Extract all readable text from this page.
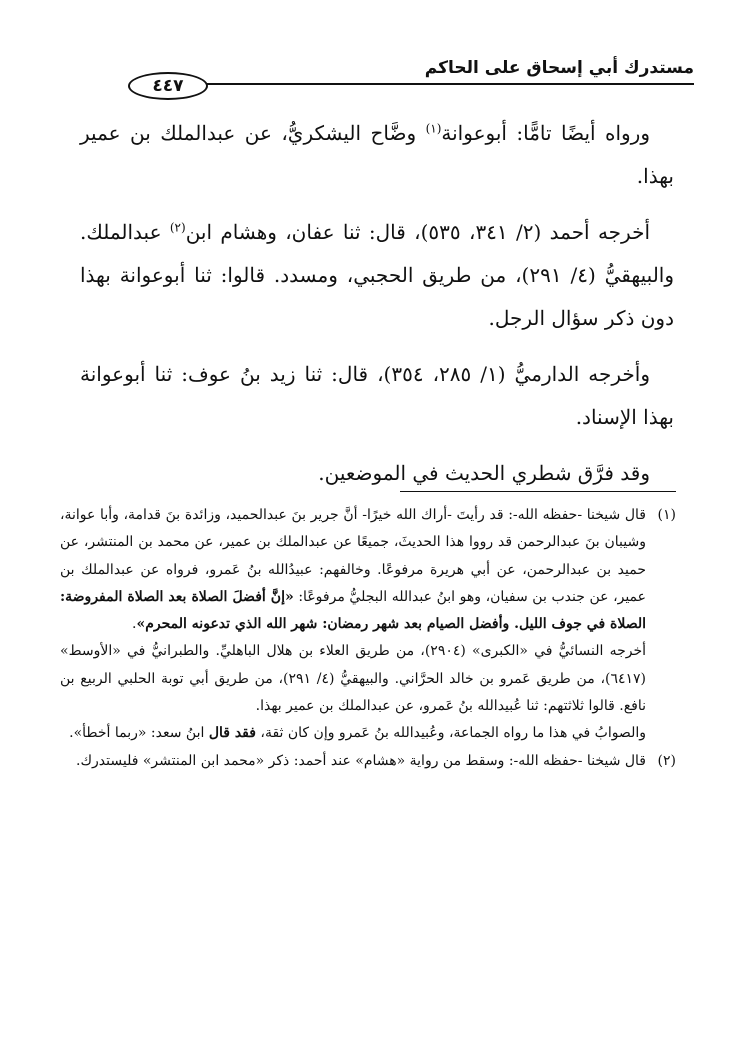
مستدرك أبي إسحاق على الحاكم
٤٤٧

ورواه أيضًا تامًّا: أبوعوانة$^{(١)}$ وضَّاح اليشكريُّ، عن عبدالملك بن عمير بهذا.

أخرجه أحمد (٢/ ٣٤١، ٥٣٥)، قال: ثنا عفان، وهشام ابن$^{(٢)}$ عبدالملك. والبيهقيُّ (٤/ ٢٩١)، من طريق الحجبي، ومسدد. قالوا: ثنا أبوعوانة بهذا دون ذكر سؤال الرجل.

وأخرجه الدارميُّ (١/ ٢٨٥، ٣٥٤)، قال: ثنا زيد بنُ عوف: ثنا أبوعوانة بهذا الإسناد.

وقد فرَّق شطري الحديث في الموضعين.

(١)

قال شيخنا -حفظه الله-: قد رأيتَ -أراك الله خيرًا- أنَّ جرير بنَ عبدالحميد، وزائدة بنَ قدامة، وأبا عوانة، وشيبان بنَ عبدالرحمن قد رووا هذا الحديثَ، جميعًا عن عبدالملك بن عمير، عن محمد بن المنتشر، عن حميد بن عبدالرحمن، عن أبي هريرة مرفوعًا. وخالفهم: عبيدُالله بنُ عَمرو، فرواه عن عبدالملك بن عمير، عن جندب بن سفيان، وهو ابنُ عبدالله البجليُّ مرفوعًا: «إنَّ أفضلَ الصلاة بعد الصلاة المفروضة: الصلاة في جوف الليل. وأفضل الصيام بعد شهر رمضان: شهر الله الذي تدعونه المحرم».

أخرجه النسائيُّ في «الكبرى» (٢٩٠٤)، من طريق العلاء بن هلال الباهليِّ. والطبرانيُّ في «الأوسط» (٦٤١٧)، من طريق عَمرو بن خالد الحرَّاني. والبيهقيُّ (٤/ ٢٩١)، من طريق أبي توبة الحلبي الربيع بن نافع. قالوا ثلاثتهم: ثنا عُبيدالله بنُ عَمرو، عن عبدالملك بن عمير بهذا.

والصوابُ في هذا ما رواه الجماعة، وعُبيدالله بنُ عَمرو وإن كان ثقة، فقد قال ابنُ سعد: «ربما أخطأ».

(٢)

قال شيخنا -حفظه الله-: وسقط من رواية «هشام» عند أحمد: ذكر «محمد ابن المنتشر» فليستدرك.
